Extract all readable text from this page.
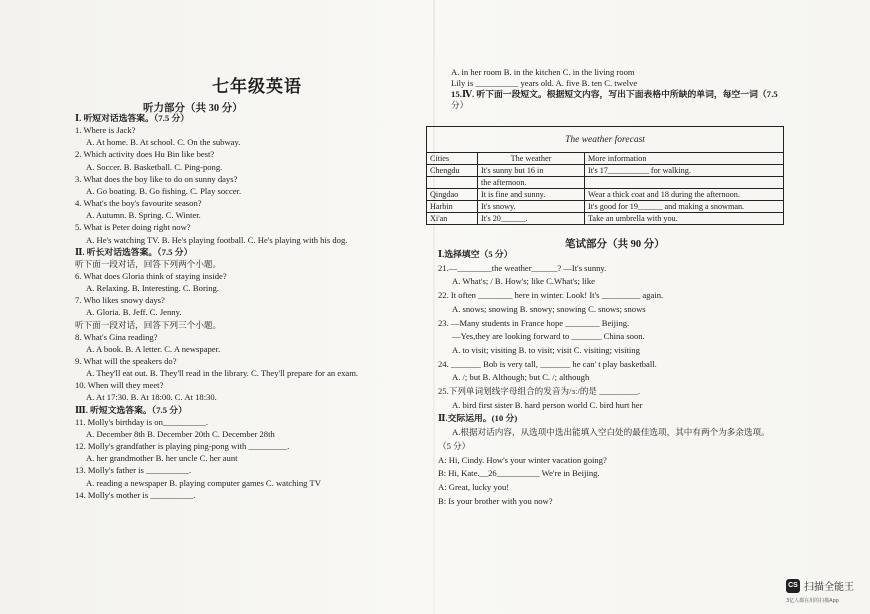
七年级英语
听力部分（共 30 分）
Ⅰ. 听短对话选答案。（7.5 分）
1. Where is Jack?
A. At home. B. At school. C. On the subway.
2. Which activity does Hu Bin like best?
A. Soccer. B. Basketball. C. Ping-pong.
3. What does the boy like to do on sunny days?
A. Go boating. B. Go fishing. C. Play soccer.
4. What's the boy's favourite season?
A. Autumn. B. Spring. C. Winter.
5. What is Peter doing right now?
A. He's watching TV. B. He's playing football. C. He's playing with his dog.
Ⅱ. 听长对话选答案。（7.5 分）
听下面一段对话，回答下列两个小题。
6. What does Gloria think of staying inside?
A. Relaxing. B. Interesting. C. Boring.
7. Who likes snowy days?
A. Gloria. B. Jeff. C. Jenny.
听下面一段对话，回答下列三个小题。
8. What's Gina reading?
A. A book. B. A letter. C. A newspaper.
9. What will the speakers do?
A. They'll eat out. B. They'll read in the library. C. They'll prepare for an exam.
10. When will they meet?
A. At 17:30. B. At 18:00. C. At 18:30.
Ⅲ. 听短文选答案。（7.5 分）
11. Molly's birthday is on__________.
A. December 8th B. December 20th C. December 28th
12. Molly's grandfather is playing ping-pong with _________.
A. her grandmother B. her uncle C. her aunt
13. Molly's father is __________.
A. reading a newspaper B. playing computer games C. watching TV
14. Molly's mother is __________.
A. in her room B. in the kitchen C. in the living room
Lily is __________ years old. A. five B. ten C. twelve
15.Ⅳ. 听下面一段短文。根据短文内容，写出下面表格中所缺的单词，每空一词（7.5
分）
The weather forecast		
Cities	The weather	More information
Chengdu	It's sunny but 16 in	It's 17__________ for walking.
	the afternoon.	
Qingdao	It is fine and sunny.	Wear a thick coat and 18 during the afternoon.
Harbin	It's snowy.	It's good for 19______ and making a snowman.
Xi'an	It's 20______.	Take an umbrella with you.
笔试部分（共 90 分）
Ⅰ.选择填空（5 分）
21.—________the weather______? —It's sunny.
A. What's; / B. How's; like C.What's; like
22. It often ________ here in winter. Look! It's _________ again.
A. snows; snowing B. snowy; snowing C. snows; snows
23. —Many students in France hope ________ Beijing.
—Yes,they are looking forward to _______ China soon.
A. to visit; visiting B. to visit; visit C. visiting; visiting
24. _______ Bob is very tall, _______ he can' t play basketball.
A. /; but B. Although; but C. /; although
25.下列单词划线字母组合的发音为/ɜː/的是 _________.
A. bird first sister B. hard person world C. bird hurt her
Ⅱ.交际运用。(10 分)
A.根据对话内容，从选项中选出能填入空白处的最佳选项，其中有两个为多余选项。
（5 分）
A: Hi, Cindy. How's your winter vacation going?
B: Hi, Kate.__26__________ We're in Beijing.
A: Great, lucky you!
B: Is your brother with you now?
CS 扫描全能王
3亿人都在用的扫描App
